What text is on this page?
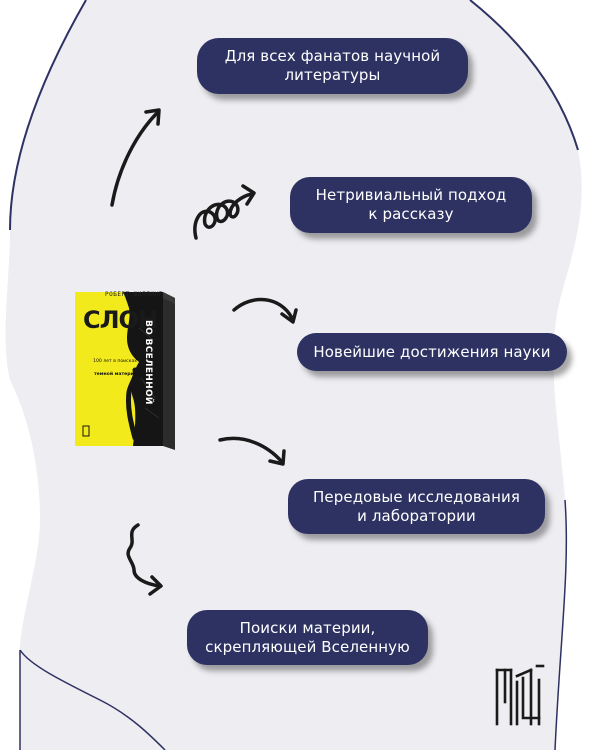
Для всех фанатов научной
литературы
Нетривиальный подход
к рассказу
Новейшие достижения науки
Передовые исследования
и лаборатории
Поиски материи,
скрепляющей Вселенную
РОБЕРТ ШИЛЛИНГ
СЛОН
ВО ВСЕЛЕННОЙ
100 лет в поисках
темной материи
